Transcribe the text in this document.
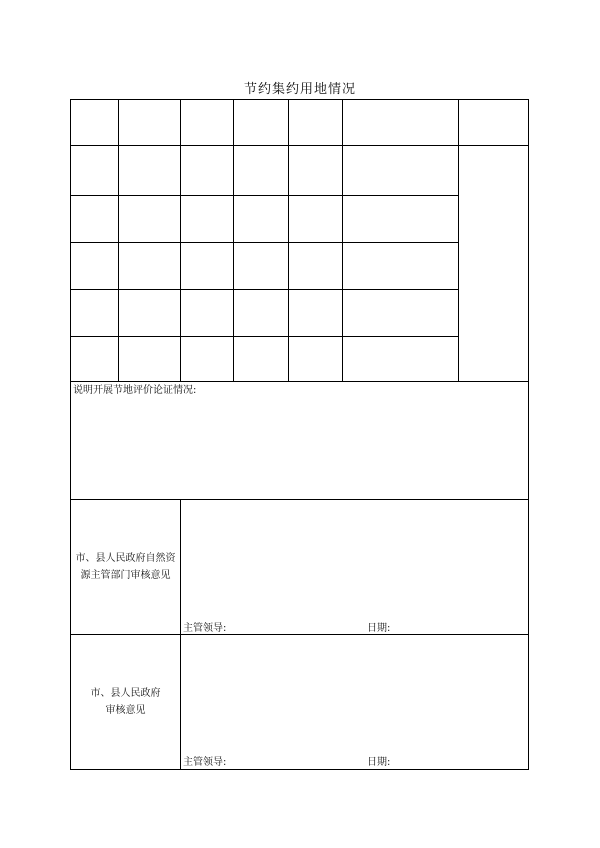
节约集约用地情况
说明开展节地评价论证情况:
市、县人民政府自然资
源主管部门审核意见
主管领导:	日期:
市、县人民政府
审核意见
主管领导:	日期:
